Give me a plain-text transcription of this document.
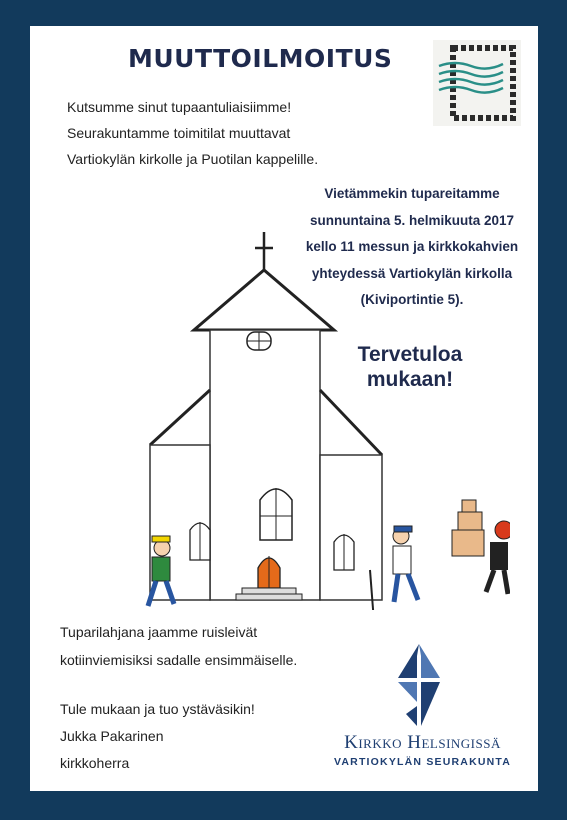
MUUTTOILMOITUS
Kutsumme sinut tupaantuliaisiimme!
Seurakuntamme toimitilat muuttavat
Vartiokylän kirkolle ja Puotilan kappelille.
Vietämmekin tupareitamme
sunnuntaina 5. helmikuuta 2017
kello 11 messun ja kirkkokahvien
yhteydessä Vartiokylän kirkolla
(Kiviportintie 5).
Tervetuloa
mukaan!
Tuparilahjana jaamme ruisleivät
kotiinviemisiksi sadalle ensimmäiselle.
Tule mukaan ja tuo ystäväsikin!
Jukka Pakarinen
kirkkoherra
Kirkko Helsingissä
VARTIOKYLÄN SEURAKUNTA
